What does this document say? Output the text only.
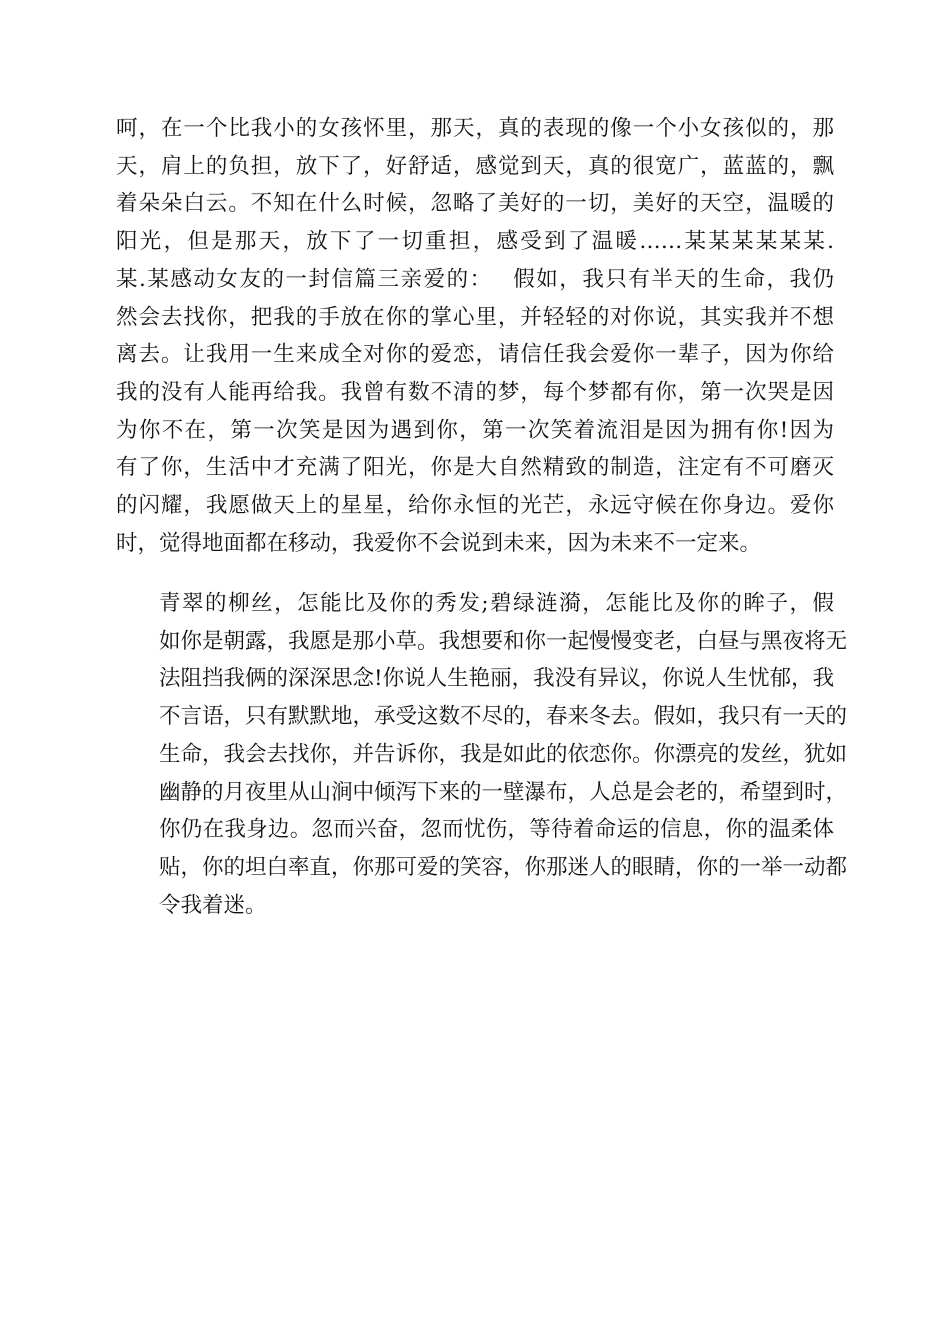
呵，在一个比我小的女孩怀里，那天，真的表现的像一个小女孩似的，那
天，肩上的负担，放下了，好舒适，感觉到天，真的很宽广，蓝蓝的，飘
着朵朵白云。不知在什么时候，忽略了美好的一切，美好的天空，温暖的
阳光，但是那天，放下了一切重担，感受到了温暖……某某某某某某.
某.某感动女友的一封信篇三亲爱的：　 假如，我只有半天的生命，我仍
然会去找你，把我的手放在你的掌心里，并轻轻的对你说，其实我并不想
离去。让我用一生来成全对你的爱恋，请信任我会爱你一辈子，因为你给
我的没有人能再给我。我曾有数不清的梦，每个梦都有你，第一次哭是因
为你不在，第一次笑是因为遇到你，第一次笑着流泪是因为拥有你!因为
有了你，生活中才充满了阳光，你是大自然精致的制造，注定有不可磨灭
的闪耀，我愿做天上的星星，给你永恒的光芒，永远守候在你身边。爱你
时，觉得地面都在移动，我爱你不会说到未来，因为未来不一定来。
青翠的柳丝，怎能比及你的秀发;碧绿涟漪，怎能比及你的眸子，假
如你是朝露，我愿是那小草。我想要和你一起慢慢变老，白昼与黑夜将无
法阻挡我俩的深深思念!你说人生艳丽，我没有异议，你说人生忧郁，我
不言语，只有默默地，承受这数不尽的，春来冬去。假如，我只有一天的
生命，我会去找你，并告诉你，我是如此的依恋你。你漂亮的发丝，犹如
幽静的月夜里从山涧中倾泻下来的一壁瀑布，人总是会老的，希望到时，
你仍在我身边。忽而兴奋，忽而忧伤，等待着命运的信息，你的温柔体
贴，你的坦白率直，你那可爱的笑容，你那迷人的眼睛，你的一举一动都
令我着迷。
